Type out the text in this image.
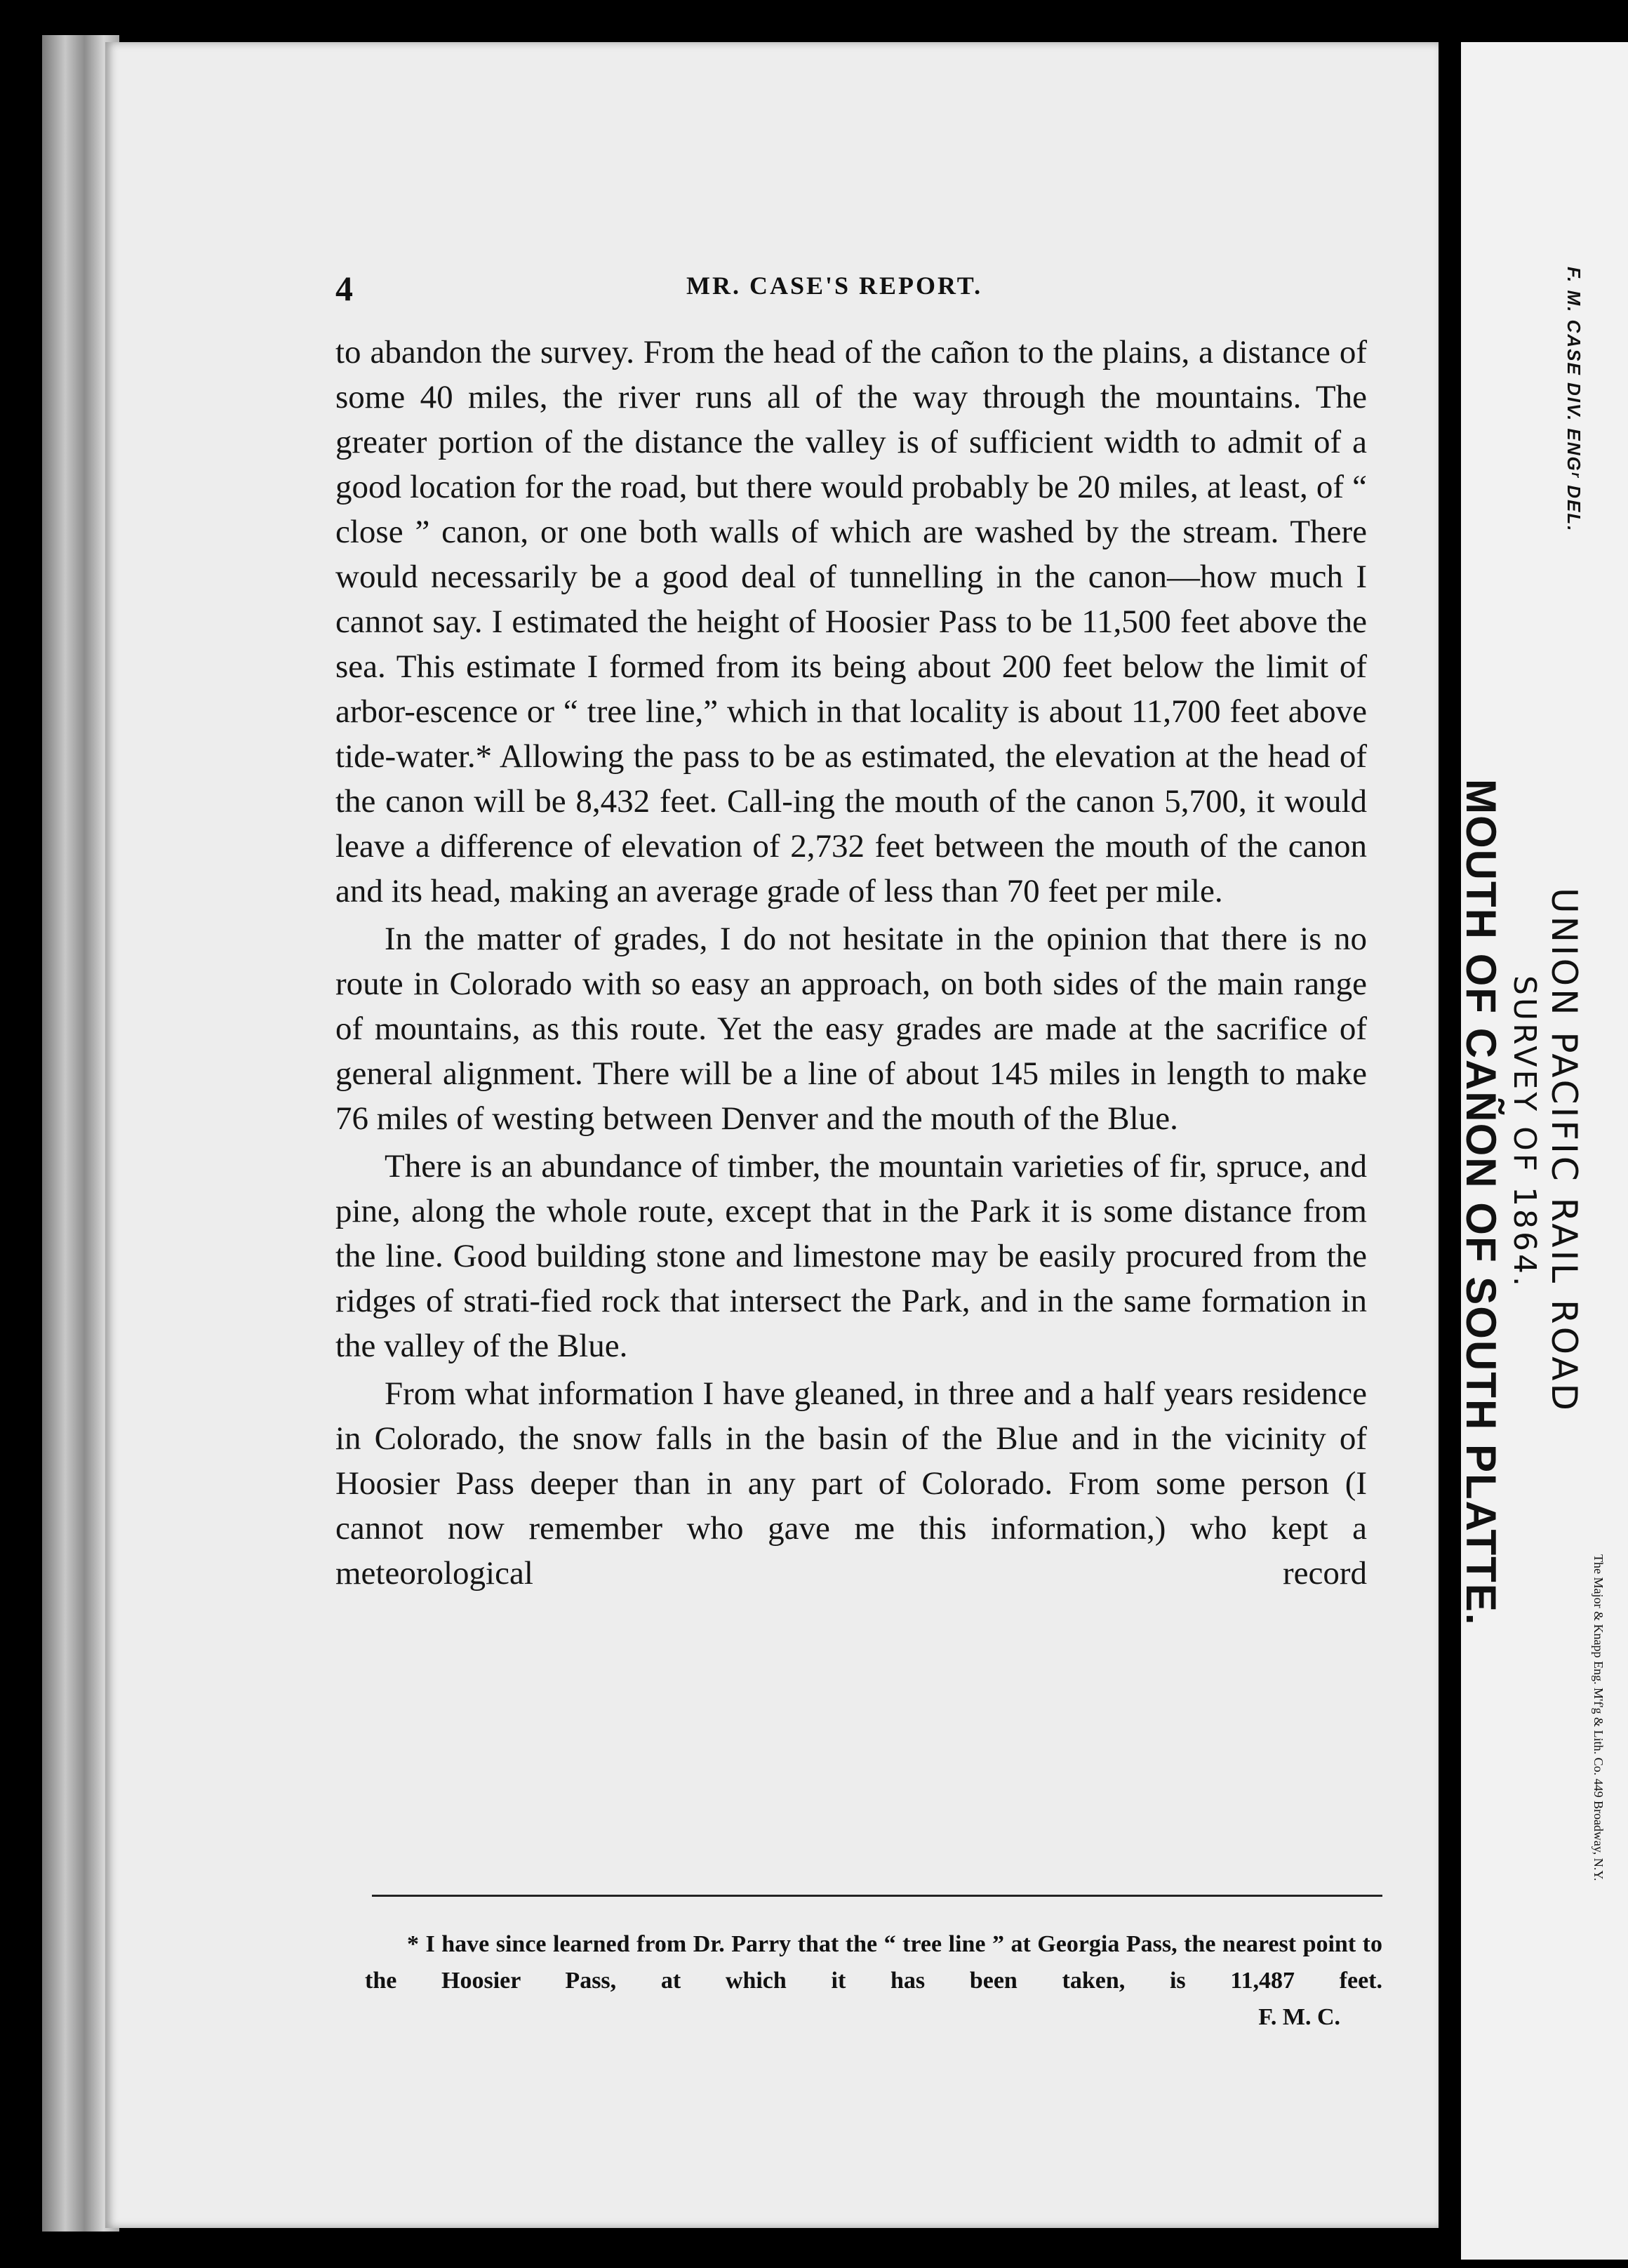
4	MR. CASE'S REPORT.

to abandon the survey. From the head of the cañon to the plains, a distance of some 40 miles, the river runs all of the way through the mountains. The greater portion of the distance the valley is of sufficient width to admit of a good location for the road, but there would probably be 20 miles, at least, of “ close ” canon, or one both walls of which are washed by the stream. There would necessarily be a good deal of tunnelling in the canon—how much I cannot say. I estimated the height of Hoosier Pass to be 11,500 feet above the sea. This estimate I formed from its being about 200 feet below the limit of arbor-escence or “ tree line,” which in that locality is about 11,700 feet above tide-water.* Allowing the pass to be as estimated, the elevation at the head of the canon will be 8,432 feet. Call-ing the mouth of the canon 5,700, it would leave a difference of elevation of 2,732 feet between the mouth of the canon and its head, making an average grade of less than 70 feet per mile.

In the matter of grades, I do not hesitate in the opinion that there is no route in Colorado with so easy an approach, on both sides of the main range of mountains, as this route. Yet the easy grades are made at the sacrifice of general alignment. There will be a line of about 145 miles in length to make 76 miles of westing between Denver and the mouth of the Blue.

There is an abundance of timber, the mountain varieties of fir, spruce, and pine, along the whole route, except that in the Park it is some distance from the line. Good building stone and limestone may be easily procured from the ridges of strati-fied rock that intersect the Park, and in the same formation in the valley of the Blue.

From what information I have gleaned, in three and a half years residence in Colorado, the snow falls in the basin of the Blue and in the vicinity of Hoosier Pass deeper than in any part of Colorado. From some person (I cannot now remember who gave me this information,) who kept a meteorological record

* I have since learned from Dr. Parry that the “ tree line ” at Georgia Pass, the nearest point to the Hoosier Pass, at which it has been taken, is 11,487 feet.
F. M. C.
F. M. CASE DIV. ENGʳ DEL.
UNION PACIFIC RAIL ROAD
SURVEY OF 1864.
MOUTH OF CAÑON OF SOUTH PLATTE.
The Major & Knapp Eng. M'f'g & Lith. Co. 449 Broadway, N.Y.
